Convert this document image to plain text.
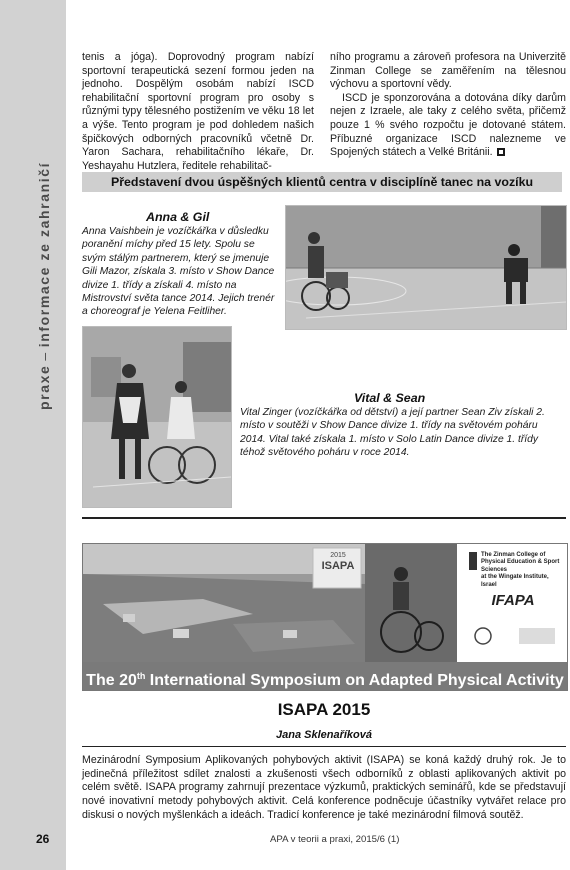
praxe–informace ze zahraničí

tenis a jóga). Doprovodný program nabízí sportovní terapeutická sezení formou jeden na jednoho. Dospělým osobám nabízí ISCD rehabilitační sportovní program pro osoby s různými typy tělesného postižením ve věku 18 let a výše. Tento program je pod dohledem našich špičkových odborných pracovníků včetně Dr. Yaron Sachara, rehabilitačního lékaře, Dr. Yeshayahu Hutzlera, ředitele rehabilitač-

ního programu a zároveň profesora na Univerzitě Zinman College se zaměřením na tělesnou výchovu a sportovní vědy.

ISCD je sponzorována a dotována díky darům nejen z Izraele, ale taky z celého světa, přičemž pouze 1 % svého rozpočtu je dotované státem. Příbuzné organizace ISCD nalezneme ve Spojených státech a Velké Británii.

Představení dvou úspěšných klientů centra v disciplíně tanec na vozíku
Anna & Gil
Anna Vaishbein je vozíčkářka v důsledku poranění míchy před 15 lety. Spolu se svým stálým partnerem, který se jmenuje Gili Mazor, získala 3. místo v Show Dance divize 1. třídy a získali 4. místo na Mistrovství světa tance 2014. Jejich trenér a choreograf je Yelena Feitliher.
Vital & Sean
Vital Zinger (vozíčkářka od dětství) a její partner Sean Ziv získali 2. místo v soutěži v Show Dance divize 1. třídy na světovém poháru 2014. Vital také získala 1. místo v Solo Latin Dance divize 1. třídy téhož světového poháru v roce 2014.
2015
ISAPA
The Zinman College of
Physical Education & Sport Sciences
at the Wingate Institute, Israel
IFAPA
The 20th International Symposium on Adapted Physical Activity
ISAPA 2015
Jana Sklenaříková
Mezinárodní Symposium Aplikovaných pohybových aktivit (ISAPA) se koná každý druhý rok. Je to jedinečná příležitost sdílet znalosti a zkušenosti všech odborníků z oblasti aplikovaných aktivit po celém světě. ISAPA programy zahrnují prezentace výzkumů, praktických seminářů, kde se představují nové inovativní metody pohybových aktivit. Celá konference podněcuje účastníky vytvářet relace pro diskusi o nových myšlenkách a ideách. Tradicí konference je také mezinárodní filmová soutěž.
26	APA v teorii a praxi, 2015/6 (1)
